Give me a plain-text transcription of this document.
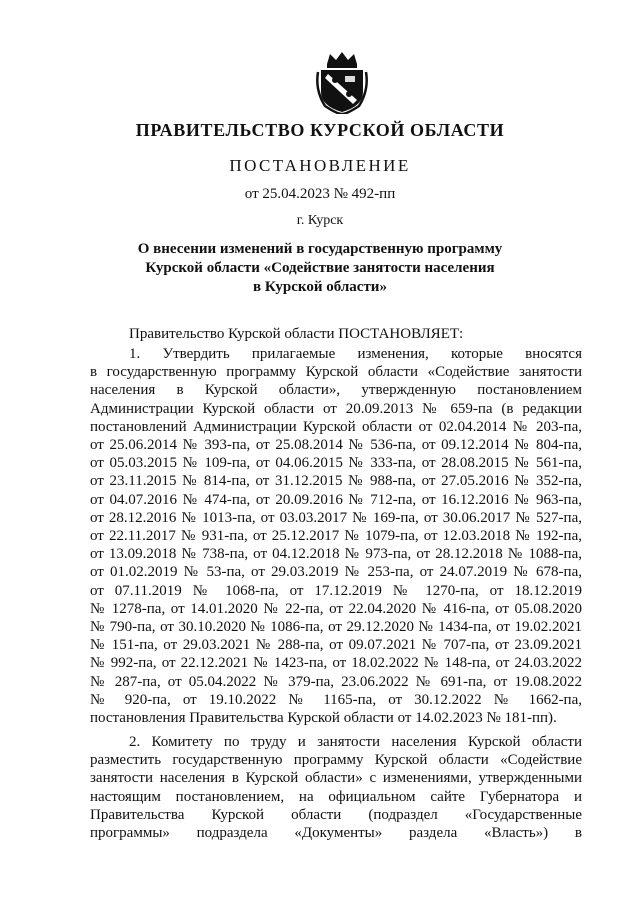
ПРАВИТЕЛЬСТВО КУРСКОЙ ОБЛАСТИ
ПОСТАНОВЛЕНИЕ
от 25.04.2023 № 492-пп
г. Курск
О внесении изменений в государственную программу
Курской области «Содействие занятости населения
в Курской области»
Правительство Курской области ПОСТАНОВЛЯЕТ:
1. Утвердить прилагаемые изменения, которые вносятся
в государственную программу Курской области «Содействие занятости
населения в Курской области», утвержденную постановлением
Администрации Курской области от 20.09.2013 № 659-па (в редакции
постановлений Администрации Курской области от 02.04.2014 № 203-па,
от 25.06.2014 № 393-па, от 25.08.2014 № 536-па, от 09.12.2014 № 804-па,
от 05.03.2015 № 109-па, от 04.06.2015 № 333-па, от 28.08.2015 № 561-па,
от 23.11.2015 № 814-па, от 31.12.2015 № 988-па, от 27.05.2016 № 352-па,
от 04.07.2016 № 474-па, от 20.09.2016 № 712-па, от 16.12.2016 № 963-па,
от 28.12.2016 № 1013-па, от 03.03.2017 № 169-па, от 30.06.2017 № 527-па,
от 22.11.2017 № 931-па, от 25.12.2017 № 1079-па, от 12.03.2018 № 192-па,
от 13.09.2018 № 738-па, от 04.12.2018 № 973-па, от 28.12.2018 № 1088-па,
от 01.02.2019 № 53-па, от 29.03.2019 № 253-па, от 24.07.2019 № 678-па,
от 07.11.2019 № 1068-па, от 17.12.2019 № 1270-па, от 18.12.2019
№ 1278-па, от 14.01.2020 № 22-па, от 22.04.2020 № 416-па, от 05.08.2020
№ 790-па, от 30.10.2020 № 1086-па, от 29.12.2020 № 1434-па, от 19.02.2021
№ 151-па, от 29.03.2021 № 288-па, от 09.07.2021 № 707-па, от 23.09.2021
№ 992-па, от 22.12.2021 № 1423-па, от 18.02.2022 № 148-па, от 24.03.2022
№ 287-па, от 05.04.2022 № 379-па, 23.06.2022 № 691-па, от 19.08.2022
№ 920-па, от 19.10.2022 № 1165-па, от 30.12.2022 № 1662-па,
постановления Правительства Курской области от 14.02.2023 № 181-пп).
2. Комитету по труду и занятости населения Курской области
разместить государственную программу Курской области «Содействие
занятости населения в Курской области» с изменениями, утвержденными
настоящим постановлением, на официальном сайте Губернатора и
Правительства Курской области (подраздел «Государственные
программы» подраздела «Документы» раздела «Власть») в
